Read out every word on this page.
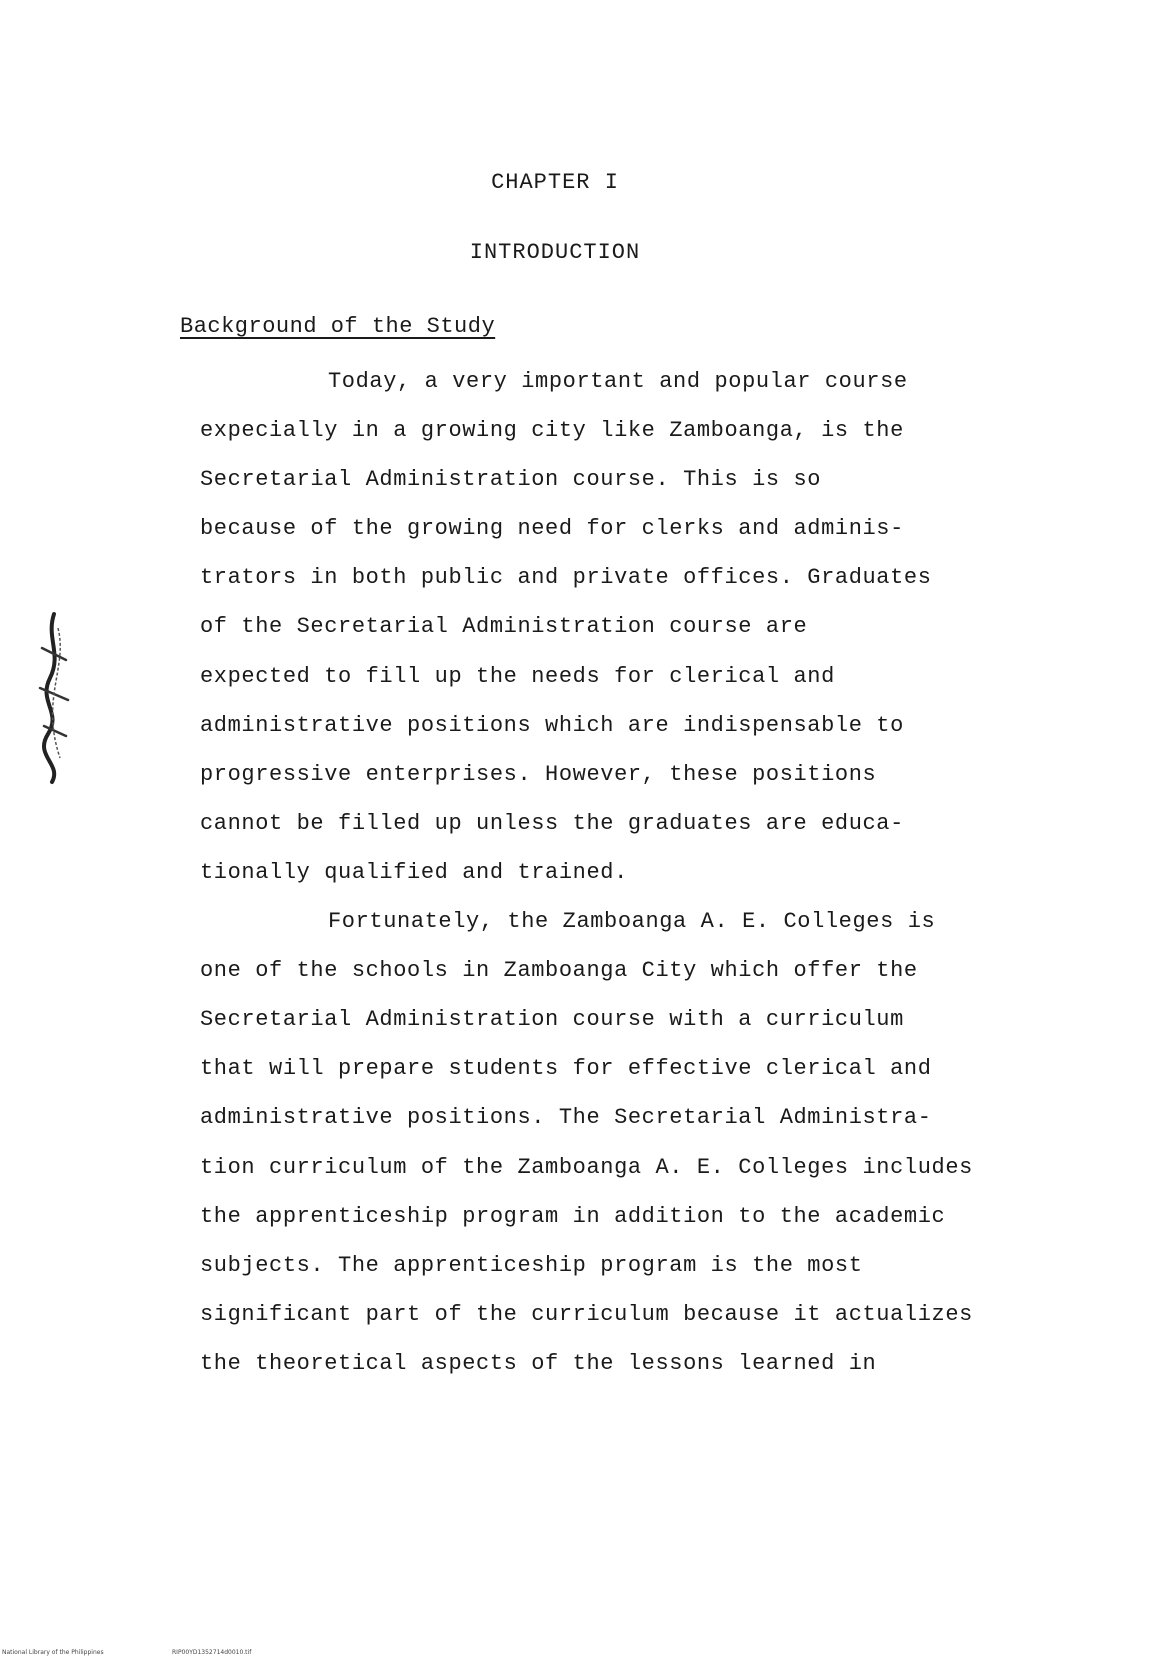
CHAPTER I
INTRODUCTION
Background of the Study
Today, a very important and popular course
expecially in a growing city like Zamboanga, is the
Secretarial Administration course. This is so
because of the growing need for clerks and adminis-
trators in both public and private offices. Graduates
of the Secretarial Administration course are
expected to fill up the needs for clerical and
administrative positions which are indispensable to
progressive enterprises. However, these positions
cannot be filled up unless the graduates are educa-
tionally qualified and trained.
Fortunately, the Zamboanga A. E. Colleges is
one of the schools in Zamboanga City which offer the
Secretarial Administration course with a curriculum
that will prepare students for effective clerical and
administrative positions. The Secretarial Administra-
tion curriculum of the Zamboanga A. E. Colleges includes
the apprenticeship program in addition to the academic
subjects. The apprenticeship program is the most
significant part of the curriculum because it actualizes
the theoretical aspects of the lessons learned in
National Library of the Philippines	RIP00YD1352714d0010.tif
